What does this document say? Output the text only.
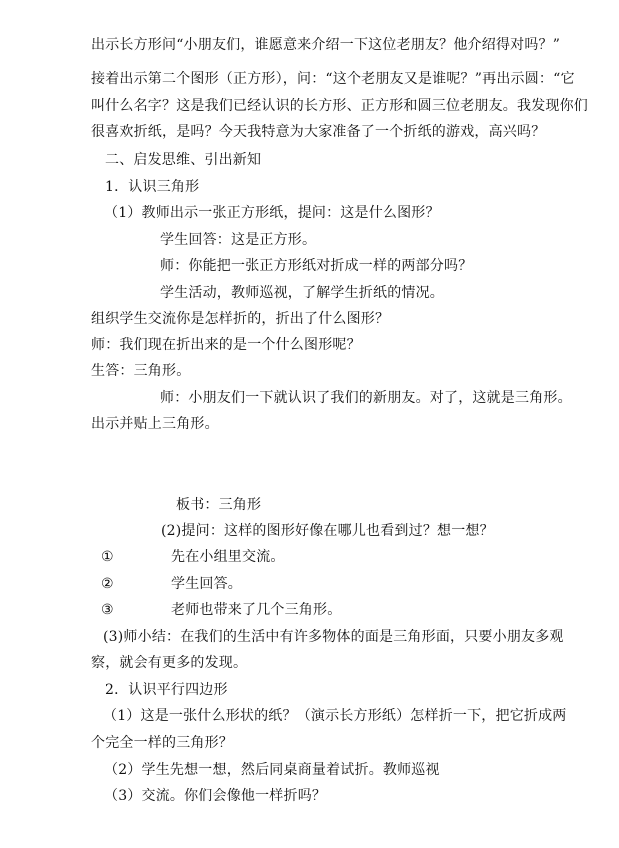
出示长方形问“小朋友们，谁愿意来介绍一下这位老朋友？他介绍得对吗？”
接着出示第二个图形（正方形），问：“这个老朋友又是谁呢？”再出示圆：“它
叫什么名字？这是我们已经认识的长方形、正方形和圆三位老朋友。我发现你们
很喜欢折纸，是吗？今天我特意为大家准备了一个折纸的游戏，高兴吗？
二、启发思维、引出新知
1．认识三角形
（1）教师出示一张正方形纸，提问：这是什么图形？
学生回答：这是正方形。
师：你能把一张正方形纸对折成一样的两部分吗？
学生活动，教师巡视，了解学生折纸的情况。
组织学生交流你是怎样折的，折出了什么图形？
师：我们现在折出来的是一个什么图形呢？
生答：三角形。
师：小朋友们一下就认识了我们的新朋友。对了，这就是三角形。
出示并贴上三角形。
板书：三角形
(2)提问：这样的图形好像在哪儿也看到过？想一想？
①	先在小组里交流。
②	学生回答。
③	老师也带来了几个三角形。
(3)师小结：在我们的生活中有许多物体的面是三角形面，只要小朋友多观
察，就会有更多的发现。
2．认识平行四边形
（1）这是一张什么形状的纸？（演示长方形纸）怎样折一下，把它折成两
个完全一样的三角形？
（2）学生先想一想，然后同桌商量着试折。教师巡视
（3）交流。你们会像他一样折吗？
